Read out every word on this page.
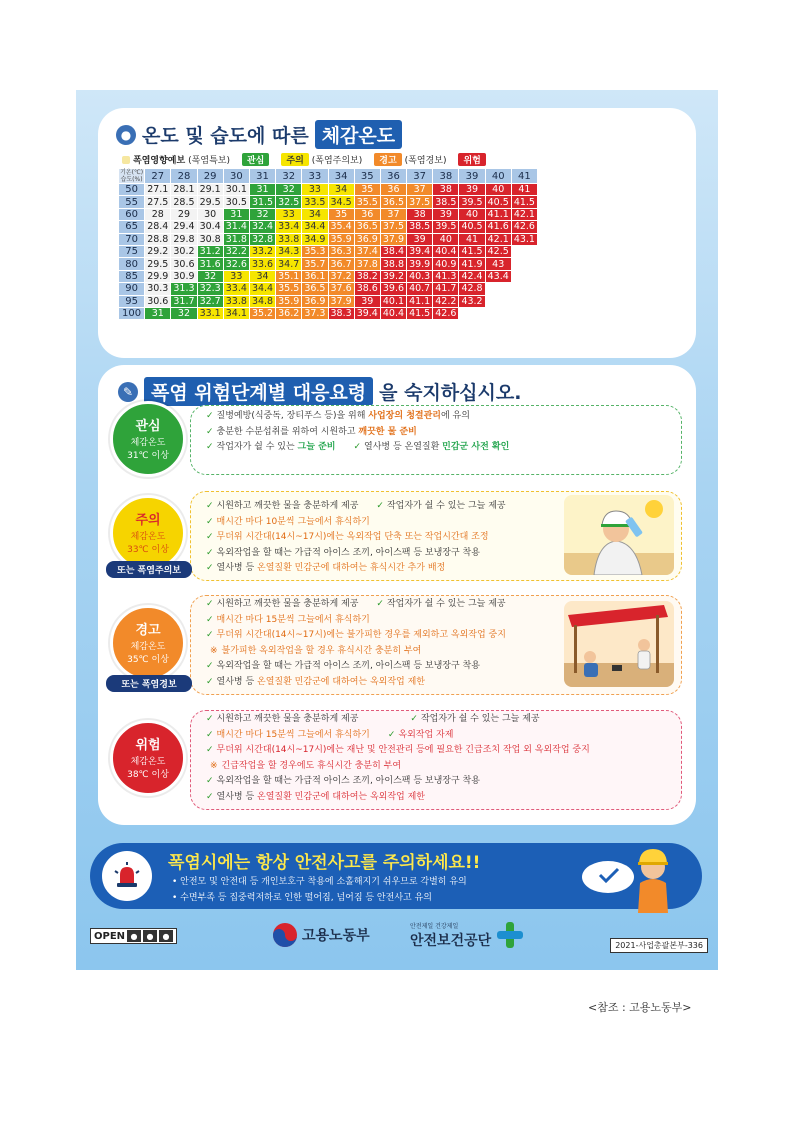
● 온도 및 습도에 따른 체감온도
폭염영향예보 (폭염특보)	관심	주의 (폭염주의보)	경고 (폭염경보)	위험
기온(℃)
습도(%)	27	28	29	30	31	32	33	34	35	36	37	38	39	40	41
50	27.1	28.1	29.1	30.1	31	32	33	34	35	36	37	38	39	40	41
55	27.5	28.5	29.5	30.5	31.5	32.5	33.5	34.5	35.5	36.5	37.5	38.5	39.5	40.5	41.5
60	28	29	30	31	32	33	34	35	36	37	38	39	40	41.1	42.1
65	28.4	29.4	30.4	31.4	32.4	33.4	34.4	35.4	36.5	37.5	38.5	39.5	40.5	41.6	42.6
70	28.8	29.8	30.8	31.8	32.8	33.8	34.9	35.9	36.9	37.9	39	40	41	42.1	43.1
75	29.2	30.2	31.2	32.2	33.2	34.3	35.3	36.3	37.4	38.4	39.4	40.4	41.5	42.5	
80	29.5	30.6	31.6	32.6	33.6	34.7	35.7	36.7	37.8	38.8	39.9	40.9	41.9	43	
85	29.9	30.9	32	33	34	35.1	36.1	37.2	38.2	39.2	40.3	41.3	42.4	43.4	
90	30.3	31.3	32.3	33.4	34.4	35.5	36.5	37.6	38.6	39.6	40.7	41.7	42.8		
95	30.6	31.7	32.7	33.8	34.8	35.9	36.9	37.9	39	40.1	41.1	42.2	43.2		
100	31	32	33.1	34.1	35.2	36.2	37.3	38.3	39.4	40.4	41.5	42.6			
✎ 폭염 위험단계별 대응요령 을 숙지하십시오.
관심
체감온도
31℃ 이상
✓ 질병예방(식중독, 장티푸스 등)을 위해 사업장의 청결관리에 유의
✓ 충분한 수분섭취를 위하여 시원하고 깨끗한 물 준비
✓ 작업자가 쉴 수 있는 그늘 준비 ✓ 열사병 등 온열질환 민감군 사전 확인
주의
체감온도
33℃ 이상
또는 폭염주의보
✓ 시원하고 깨끗한 물을 충분하게 제공 ✓ 작업자가 쉴 수 있는 그늘 제공
✓ 매시간 마다 10분씩 그늘에서 휴식하기
✓ 무더위 시간대(14시~17시)에는 옥외작업 단축 또는 작업시간대 조정
✓ 옥외작업을 할 때는 가급적 아이스 조끼, 아이스팩 등 보냉장구 착용
✓ 열사병 등 온열질환 민감군에 대하여는 휴식시간 추가 배정
경고
체감온도
35℃ 이상
또는 폭염경보
✓ 시원하고 깨끗한 물을 충분하게 제공 ✓ 작업자가 쉴 수 있는 그늘 제공
✓ 매시간 마다 15분씩 그늘에서 휴식하기
✓ 무더위 시간대(14시~17시)에는 불가피한 경우를 제외하고 옥외작업 중지
※ 불가피한 옥외작업을 할 경우 휴식시간 충분히 부여
✓ 옥외작업을 할 때는 가급적 아이스 조끼, 아이스팩 등 보냉장구 착용
✓ 열사병 등 온열질환 민감군에 대하여는 옥외작업 제한
위험
체감온도
38℃ 이상
✓ 시원하고 깨끗한 물을 충분하게 제공	✓ 작업자가 쉴 수 있는 그늘 제공
✓ 매시간 마다 15분씩 그늘에서 휴식하기 ✓ 옥외작업 자제
✓ 무더위 시간대(14시~17시)에는 재난 및 안전관리 등에 필요한 긴급조치 작업 외 옥외작업 중지
※ 긴급작업을 할 경우에도 휴식시간 충분히 부여
✓ 옥외작업을 할 때는 가급적 아이스 조끼, 아이스팩 등 보냉장구 착용
✓ 열사병 등 온열질환 민감군에 대하여는 옥외작업 제한
폭염시에는 항상 안전사고를 주의하세요!!
• 안전모 및 안전대 등 개인보호구 착용에 소홀해지기 쉬우므로 각별히 유의
• 수면부족 등 집중력저하로 인한 떨어짐, 넘어짐 등 안전사고 유의
OPEN ●	●	●	고용노동부
안전제일 건강제일
안전보건공단	2021-사업총괄본부-336
<참조 : 고용노동부>
